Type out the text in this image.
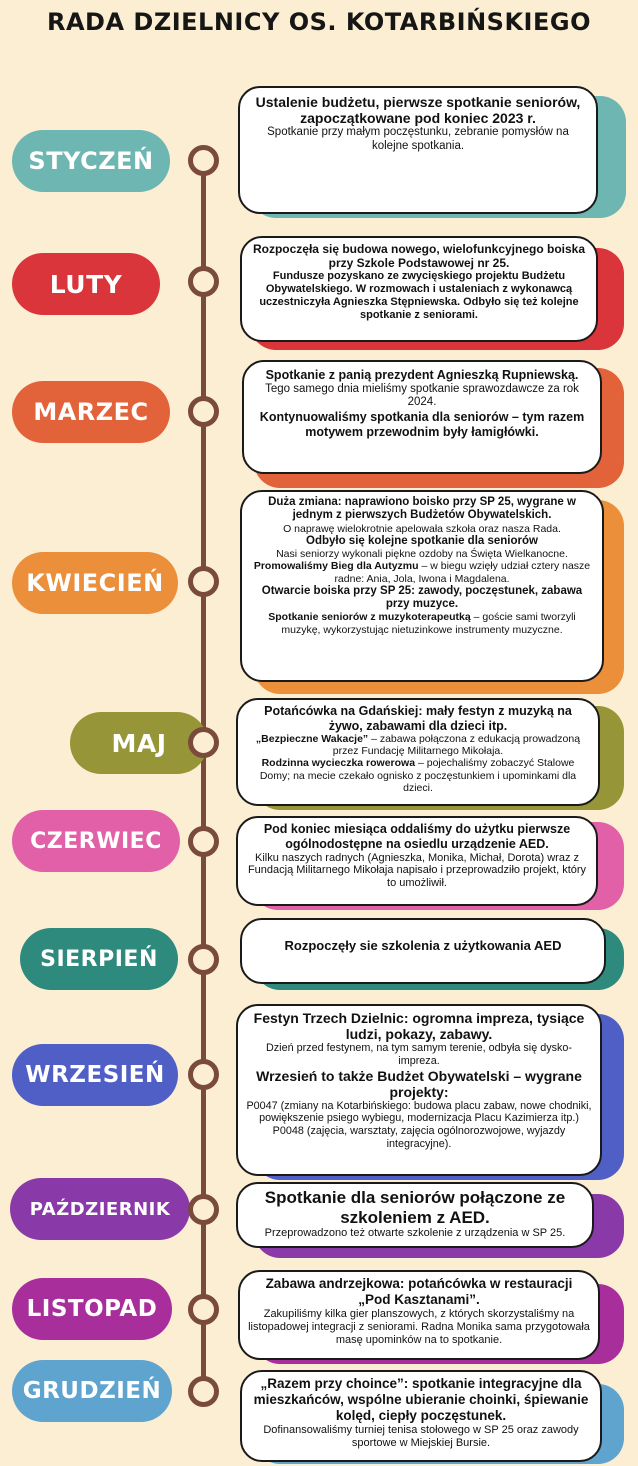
RADA DZIELNICY OS. KOTARBIŃSKIEGO
STYCZEŃ
Ustalenie budżetu, pierwsze spotkanie seniorów, zapoczątkowane pod koniec 2023 r.
Spotkanie przy małym poczęstunku, zebranie pomysłów na kolejne spotkania.
LUTY
Rozpoczęła się budowa nowego, wielofunkcyjnego boiska przy Szkole Podstawowej nr 25.
Fundusze pozyskano ze zwycięskiego projektu Budżetu Obywatelskiego. W rozmowach i ustaleniach z wykonawcą uczestniczyła Agnieszka Stępniewska. Odbyło się też kolejne spotkanie z seniorami.
MARZEC
Spotkanie z panią prezydent Agnieszką Rupniewską.
Tego samego dnia mieliśmy spotkanie sprawozdawcze za rok 2024.
Kontynuowaliśmy spotkania dla seniorów – tym razem motywem przewodnim były łamigłówki.
KWIECIEŃ
Duża zmiana: naprawiono boisko przy SP 25, wygrane w jednym z pierwszych Budżetów Obywatelskich.
O naprawę wielokrotnie apelowała szkoła oraz nasza Rada.
Odbyło się kolejne spotkanie dla seniorów
Nasi seniorzy wykonali piękne ozdoby na Święta Wielkanocne.
Promowaliśmy Bieg dla Autyzmu – w biegu wzięły udział cztery nasze radne: Ania, Jola, Iwona i Magdalena.
Otwarcie boiska przy SP 25: zawody, poczęstunek, zabawa przy muzyce.
Spotkanie seniorów z muzykoterapeutką – goście sami tworzyli muzykę, wykorzystując nietuzinkowe instrumenty muzyczne.
MAJ
Potańcówka na Gdańskiej: mały festyn z muzyką na żywo, zabawami dla dzieci itp.
„Bezpieczne Wakacje” – zabawa połączona z edukacją prowadzoną przez Fundację Militarnego Mikołaja.
Rodzinna wycieczka rowerowa – pojechaliśmy zobaczyć Stalowe Domy; na mecie czekało ognisko z poczęstunkiem i upominkami dla dzieci.
CZERWIEC	Pod koniec miesiąca oddaliśmy do użytku pierwsze ogólnodostępne na osiedlu urządzenie AED.
Kilku naszych radnych (Agnieszka, Monika, Michał, Dorota) wraz z Fundacją Militarnego Mikołaja napisało i przeprowadziło projekt, który to umożliwił.
SIERPIEŃ
Rozpoczęły sie szkolenia z użytkowania AED
WRZESIEŃ
Festyn Trzech Dzielnic: ogromna impreza, tysiące ludzi, pokazy, zabawy.
Dzień przed festynem, na tym samym terenie, odbyła się dysko-impreza.
Wrzesień to także Budżet Obywatelski – wygrane projekty:
P0047 (zmiany na Kotarbińskiego: budowa placu zabaw, nowe chodniki, powiększenie psiego wybiegu, modernizacja Placu Kazimierza itp.)
P0048 (zajęcia, warsztaty, zajęcia ogólnorozwojowe, wyjazdy integracyjne).
PAŹDZIERNIK
Spotkanie dla seniorów połączone ze szkoleniem z AED.
Przeprowadzono też otwarte szkolenie z urządzenia w SP 25.
LISTOPAD
Zabawa andrzejkowa: potańcówka w restauracji „Pod Kasztanami”.
Zakupiliśmy kilka gier planszowych, z których skorzystaliśmy na listopadowej integracji z seniorami. Radna Monika sama przygotowała masę upominków na to spotkanie.
GRUDZIEŃ	„Razem przy choince”: spotkanie integracyjne dla mieszkańców, wspólne ubieranie choinki, śpiewanie kolęd, ciepły poczęstunek.
Dofinansowaliśmy turniej tenisa stołowego w SP 25 oraz zawody sportowe w Miejskiej Bursie.
